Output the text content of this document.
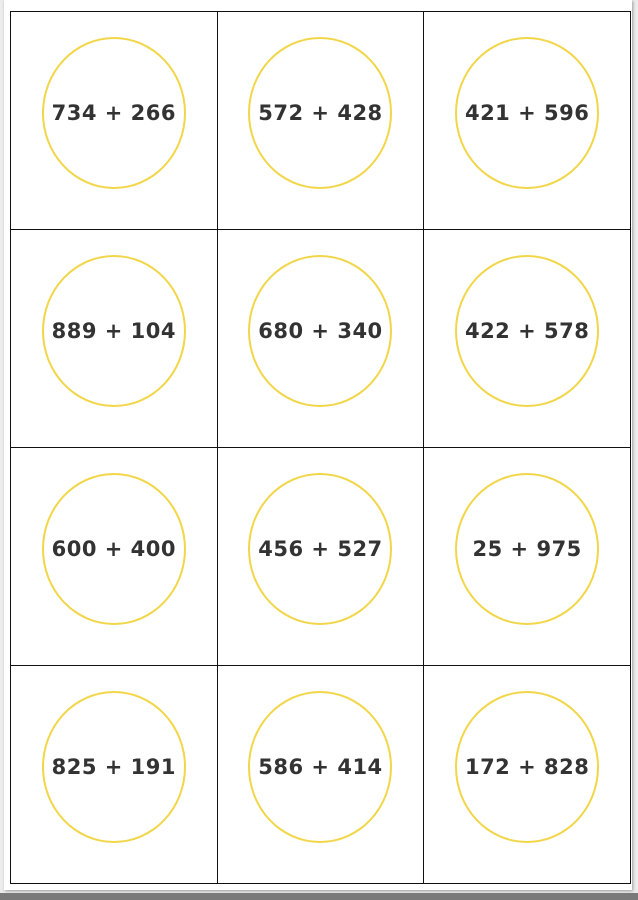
734 + 266	572 + 428	421 + 596
889 + 104	680 + 340	422 + 578
600 + 400	456 + 527	25 + 975
825 + 191	586 + 414	172 + 828
